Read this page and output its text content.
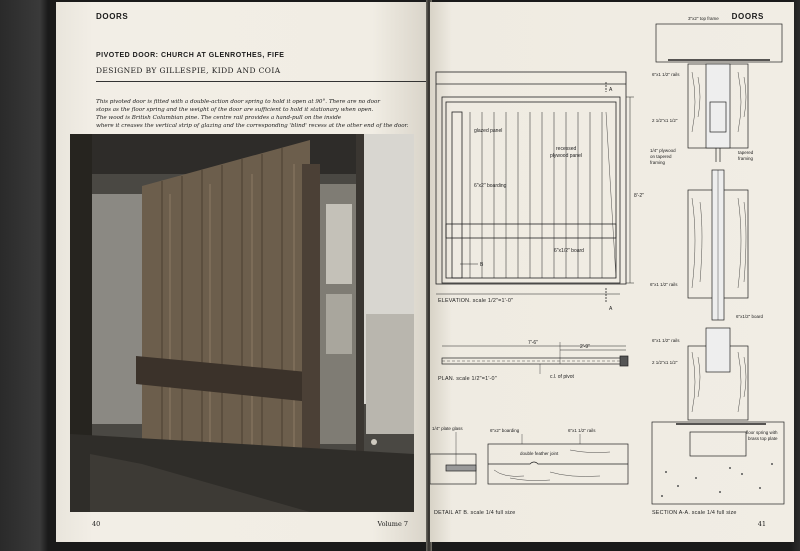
DOORS
PIVOTED DOOR: CHURCH AT GLENROTHES, FIFE
DESIGNED BY GILLESPIE, KIDD AND COIA
This pivoted door is fitted with a double-action door spring to hold it open at 90°. There are no door
stops as the floor spring and the weight of the door are sufficient to hold it stationary when open.
The wood is British Columbian pine. The centre rail provides a hand-pull on the inside
where it creases the vertical strip of glazing and the corresponding 'blind' recess at the other end of the door.
40	Volume 7
DOORS
glazed panel
recessed
plywood panel
6"x2" boarding
6"x1/2" board
8'-2"
A
A
B
ELEVATION. scale 1/2"=1'-0"
7'-6"
2'-9"
c.l. of pivot
PLAN. scale 1/2"=1'-0"
1/4" plate glass	6"x2" boarding	6"x1 1/2" rails
double feather joint
DETAIL AT B. scale 1/4 full size
3"x2" top frame
6"x1 1/2" rails
2 1/2"x1 1/2"
1/4" plywood
on tapered
framing
tapered
framing
6"x1 1/2" rails
6"x1/2" board
6"x1 1/2" rails
2 1/2"x1 1/2"
floor spring with
brass top plate
SECTION A-A. scale 1/4 full size
41
